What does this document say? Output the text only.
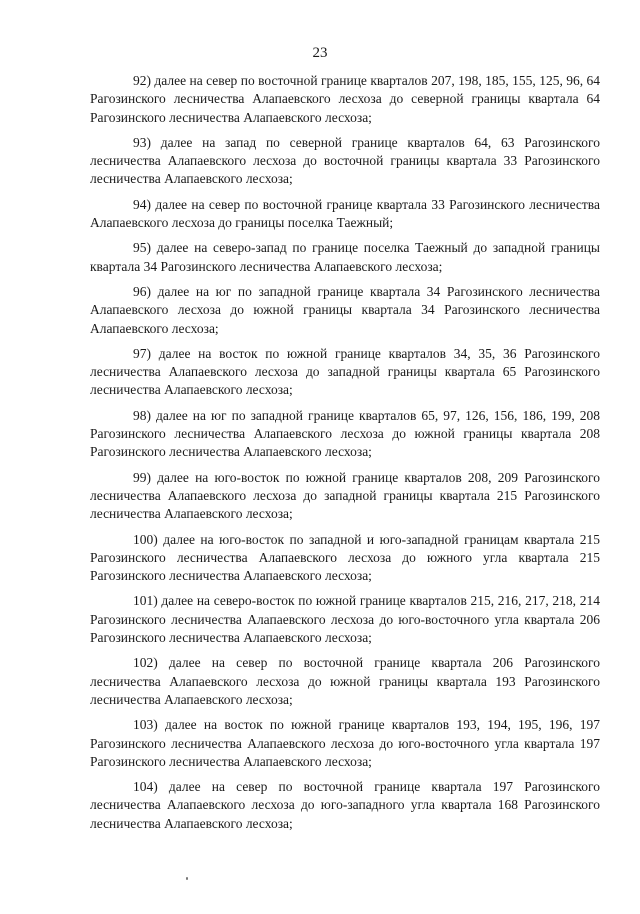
23

92) далее на север по восточной границе кварталов 207, 198, 185, 155, 125, 96, 64 Рагозинского лесничества Алапаевского лесхоза до северной границы квартала 64 Рагозинского лесничества Алапаевского лесхоза;

93) далее на запад по северной границе кварталов 64, 63 Рагозинского лесничества Алапаевского лесхоза до восточной границы квартала 33 Рагозинского лесничества Алапаевского лесхоза;

94) далее на север по восточной границе квартала 33 Рагозинского лесничества Алапаевского лесхоза до границы поселка Таежный;

95) далее на северо-запад по границе поселка Таежный до западной границы квартала 34 Рагозинского лесничества Алапаевского лесхоза;

96) далее на юг по западной границе квартала 34 Рагозинского лесничества Алапаевского лесхоза до южной границы квартала 34 Рагозинского лесничества Алапаевского лесхоза;

97) далее на восток по южной границе кварталов 34, 35, 36 Рагозинского лесничества Алапаевского лесхоза до западной границы квартала 65 Рагозинского лесничества Алапаевского лесхоза;

98) далее на юг по западной границе кварталов 65, 97, 126, 156, 186, 199, 208 Рагозинского лесничества Алапаевского лесхоза до южной границы квартала 208 Рагозинского лесничества Алапаевского лесхоза;

99) далее на юго-восток по южной границе кварталов 208, 209 Рагозинского лесничества Алапаевского лесхоза до западной границы квартала 215 Рагозинского лесничества Алапаевского лесхоза;

100) далее на юго-восток по западной и юго-западной границам квартала 215 Рагозинского лесничества Алапаевского лесхоза до южного угла квартала 215 Рагозинского лесничества Алапаевского лесхоза;

101) далее на северо-восток по южной границе кварталов 215, 216, 217, 218, 214 Рагозинского лесничества Алапаевского лесхоза до юго-восточного угла квартала 206 Рагозинского лесничества Алапаевского лесхоза;

102) далее на север по восточной границе квартала 206 Рагозинского лесничества Алапаевского лесхоза до южной границы квартала 193 Рагозинского лесничества Алапаевского лесхоза;

103) далее на восток по южной границе кварталов 193, 194, 195, 196, 197 Рагозинского лесничества Алапаевского лесхоза до юго-восточного угла квартала 197 Рагозинского лесничества Алапаевского лесхоза;

104) далее на север по восточной границе квартала 197 Рагозинского лесничества Алапаевского лесхоза до юго-западного угла квартала 168 Рагозинского лесничества Алапаевского лесхоза;
